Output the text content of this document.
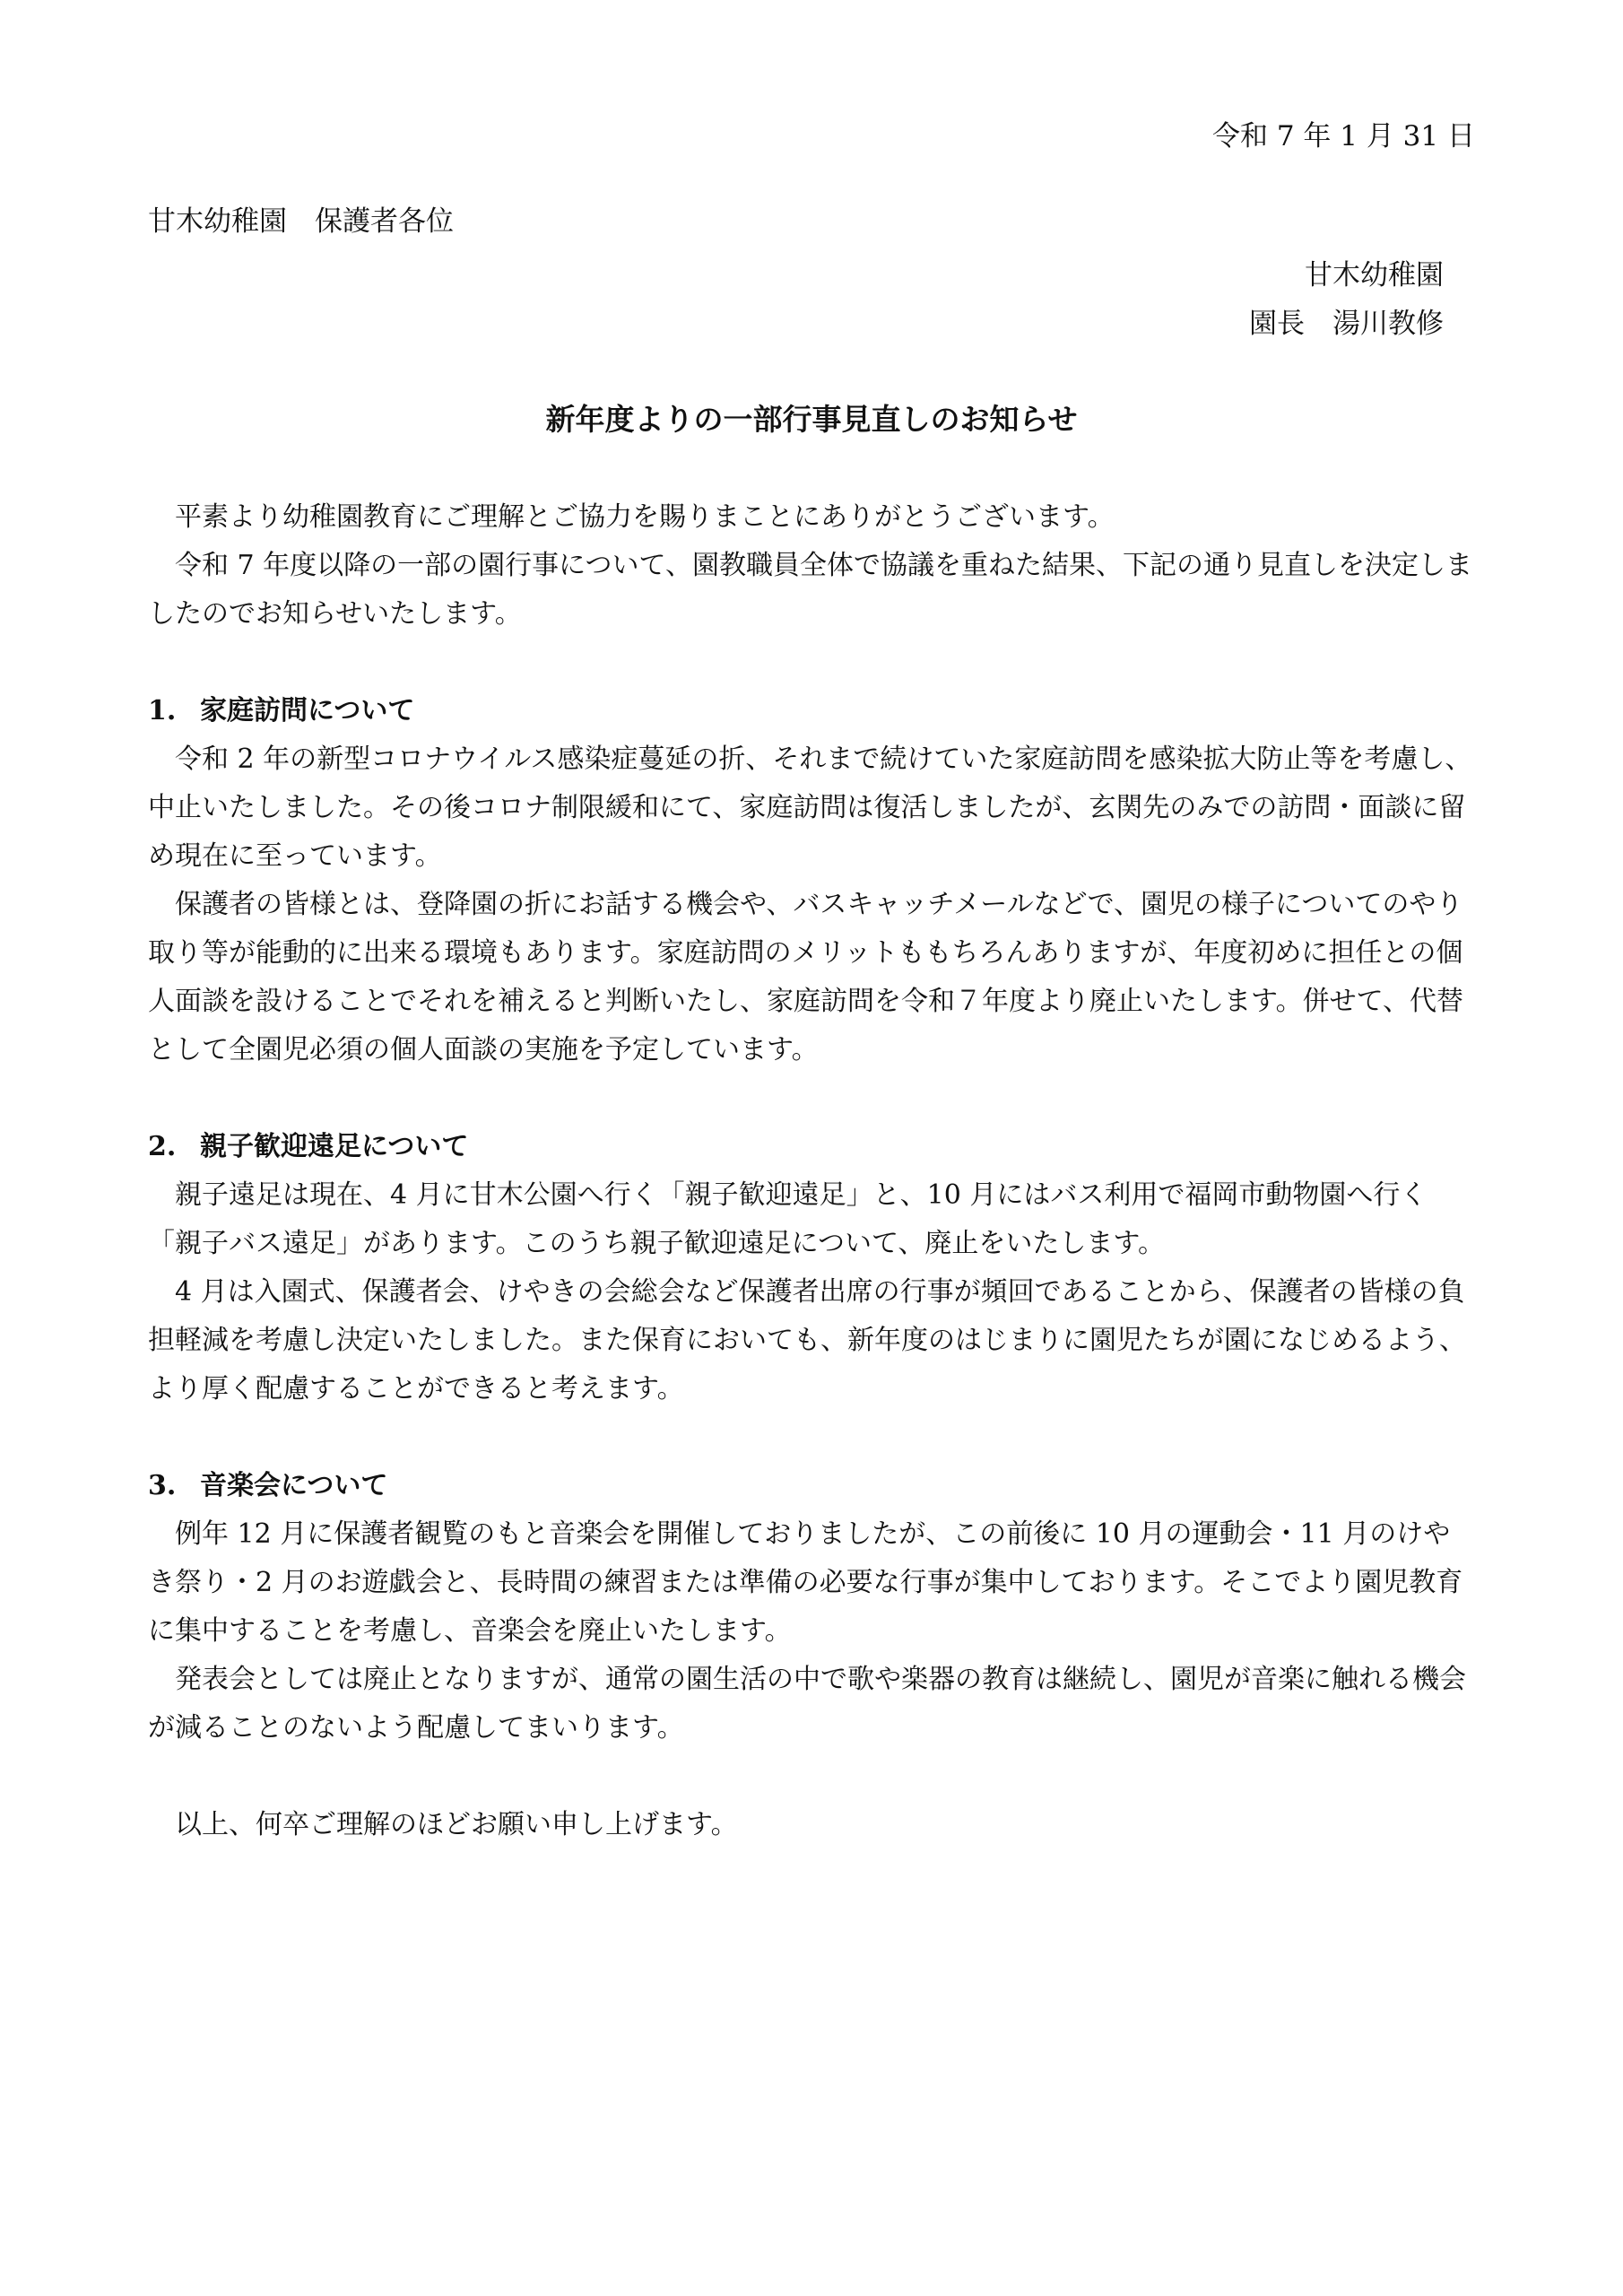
令和 7 年 1 月 31 日
甘木幼稚園　保護者各位
甘木幼稚園
園長　湯川教修
新年度よりの一部行事見直しのお知らせ

平素より幼稚園教育にご理解とご協力を賜りまことにありがとうございます。

令和 7 年度以降の一部の園行事について、園教職員全体で協議を重ねた結果、下記の通り見直しを決定しましたのでお知らせいたします。

1. 家庭訪問について

令和 2 年の新型コロナウイルス感染症蔓延の折、それまで続けていた家庭訪問を感染拡大防止等を考慮し、中止いたしました。その後コロナ制限緩和にて、家庭訪問は復活しましたが、玄関先のみでの訪問・面談に留め現在に至っています。

保護者の皆様とは、登降園の折にお話する機会や、バスキャッチメールなどで、園児の様子についてのやり取り等が能動的に出来る環境もあります。家庭訪問のメリットももちろんありますが、年度初めに担任との個人面談を設けることでそれを補えると判断いたし、家庭訪問を令和７年度より廃止いたします。併せて、代替として全園児必須の個人面談の実施を予定しています。

2. 親子歓迎遠足について

親子遠足は現在、4 月に甘木公園へ行く「親子歓迎遠足」と、10 月にはバス利用で福岡市動物園へ行く「親子バス遠足」があります。このうち親子歓迎遠足について、廃止をいたします。

4 月は入園式、保護者会、けやきの会総会など保護者出席の行事が頻回であることから、保護者の皆様の負担軽減を考慮し決定いたしました。また保育においても、新年度のはじまりに園児たちが園になじめるよう、より厚く配慮することができると考えます。

3. 音楽会について

例年 12 月に保護者観覧のもと音楽会を開催しておりましたが、この前後に 10 月の運動会・11 月のけやき祭り・2 月のお遊戯会と、長時間の練習または準備の必要な行事が集中しております。そこでより園児教育に集中することを考慮し、音楽会を廃止いたします。

発表会としては廃止となりますが、通常の園生活の中で歌や楽器の教育は継続し、園児が音楽に触れる機会が減ることのないよう配慮してまいります。

以上、何卒ご理解のほどお願い申し上げます。
